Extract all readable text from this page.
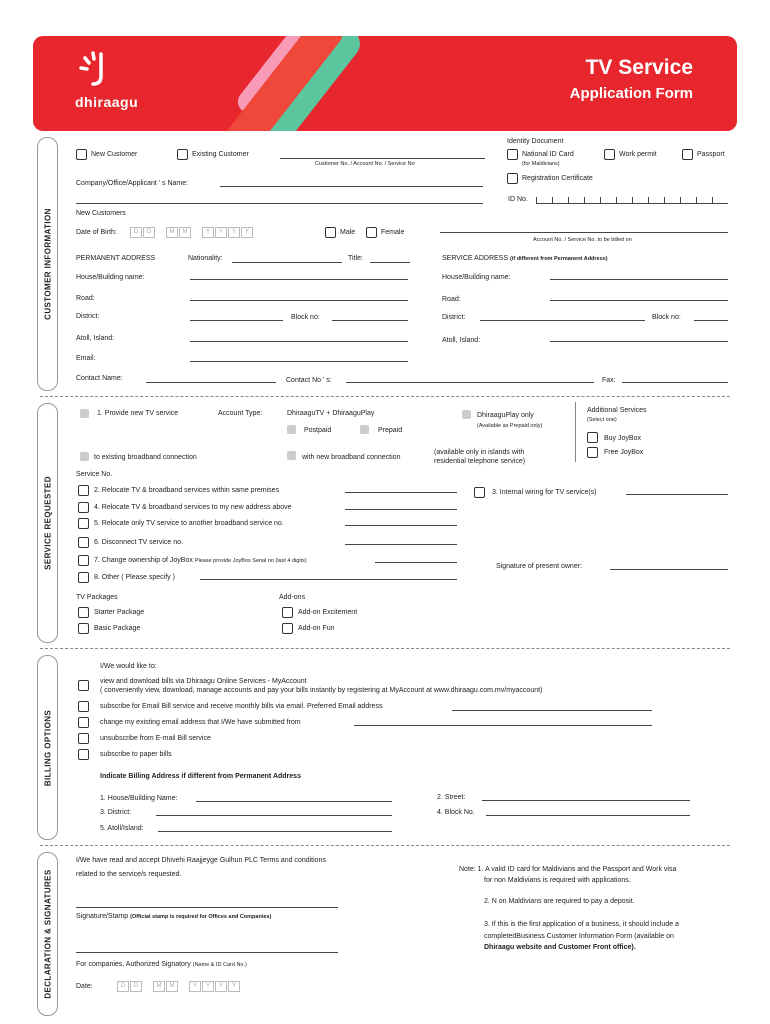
dhiraagu
TV Service
Application Form
CUSTOMER INFORMATION
SERVICE REQUESTED
BILLING OPTIONS
DECLARATION & SIGNATURES
New Customer	Existing Customer
Customer No. / Account No. / Service No
Identity Document
National ID Card
(for Maldivians)
Work permit	Passport
Registration Certificate
Company/Office/Applicant ' s Name:
ID No.
New Customers
Date of Birth:	D	D	M	M	Y	Y	Y	Y	Male	Female
Account No. / Service No. to be billed on
PERMANENT ADDRESS	Nationality:	Title:	SERVICE ADDRESS (if different from Permanent Address)
House/Building name:	House/Building name:
Road:	Road:
District:	Block no:	District:	Block no:
Atoll, Island:	Atoll, Island:
Email:
Contact Name:	Contact No ' s:	Fax:
1. Provide new TV service	Account Type:	DhiraaguTV + DhiraaguPlay	DhiraaguPlay only
(Available as Prepaid only)
Postpaid	Prepaid
Additional Services
(Select one)
Buy JoyBox
Free JoyBox
to existing broadband connection	with new broadband connection
(available only in islands with
residential telephone service)
Service No.
2. Relocate TV & broadband services within same premises	3. Internal wiring for TV service(s)
4. Relocate TV & broadband services to my new address above
5. Relocate only TV service to another broadband service no.
6. Disconnect TV service no.
7. Change ownership of JoyBox Please provide JoyBox Serial no (last 4 digits)
Signature of present owner:
8. Other ( Please specify )
TV Packages
Starter Package
Basic Package
Add-ons
Add-on Excitement
Add-on Fun
I/We would like to:
view and download bills via Dhiraagu Online Services - MyAccount
( conveniently view, download, manage accounts and pay your bills instantly by registering at MyAccount at www.dhiraagu.com.mv/myaccount)
subscribe for Email Bill service and receive monthly bills via email. Preferred Email address
change my existing email address that I/We have submitted from
unsubscribe from E-mail Bill service
subscribe to paper bills
Indicate Billing Address if different from Permanent Address
1. House/Building Name:	2. Street:
3. District:	4. Block No.
5. Atoll/Island:
I/We have read and accept Dhivehi Raajjeyge Gulhun PLC Terms and conditions
related to the service/s requested.
Signature/Stamp (Official stamp is required for Offices and Companies)
For companies, Authorized Signatory (Name & ID Card No.)
Date:	D	D	M	M	Y	Y	Y	Y
Note: 1. A valid ID card for Maldivians and the Passport and Work visa
for non Maldivians is required with applications.
2. N on Maldivians are required to pay a deposit.
3. If this is the first application of a business, it should include a
completedBusiness Customer Information Form (available on
Dhiraagu website and Customer Front office).
